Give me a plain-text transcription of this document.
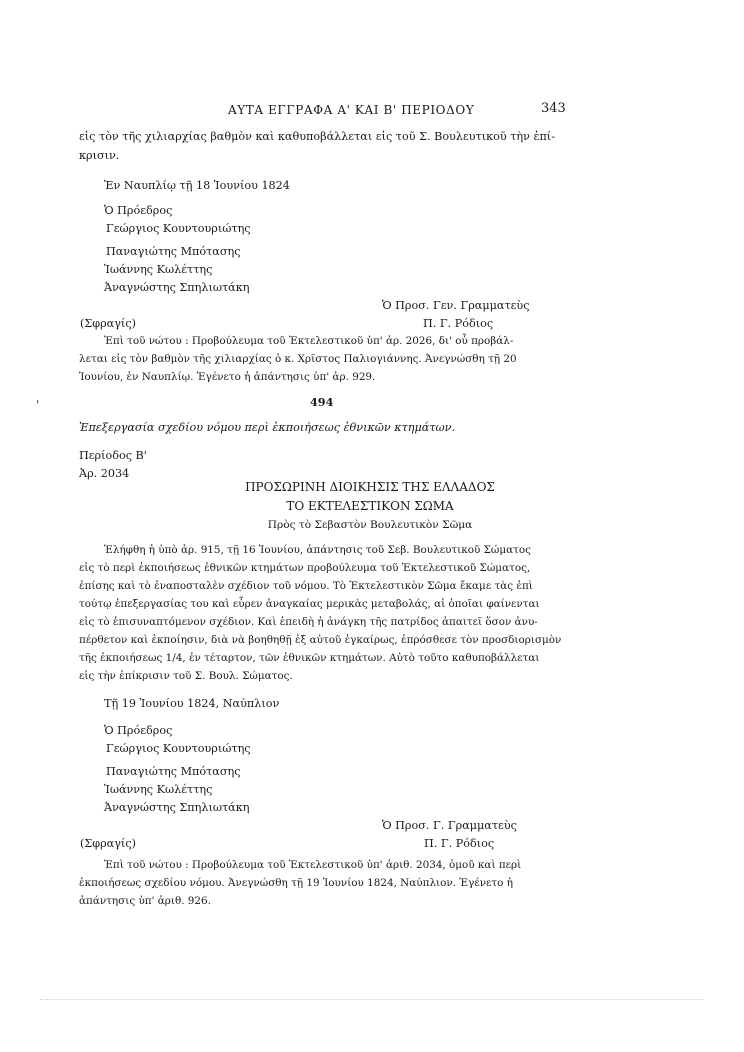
ΑΥΤΑ ΕΓΓΡΑΦΑ Α' ΚΑΙ Β' ΠΕΡΙΟΔΟΥ	343
εἰς τὸν τῆς χιλιαρχίας βαθμὸν καὶ καθυποβάλλεται εἰς τοῦ Σ. Βουλευτικοῦ τὴν ἐπί-
κρισιν.
Ἐν Ναυπλίῳ τῇ 18 Ἰουνίου 1824
Ὁ Πρόεδρος
Γεώργιος Κουντουριώτης
Παναγιώτης Μπότασης
Ἰωάννης Κωλέττης
Ἀναγνώστης Σπηλιωτάκη
Ὁ Προσ. Γεν. Γραμματεὺς
(Σφραγίς)	Π. Γ. Ρόδιος
Ἐπὶ τοῦ νώτου : Προβούλευμα τοῦ Ἐκτελεστικοῦ ὑπ' ἀρ. 2026, δι' οὗ προβάλ-
λεται εἰς τὸν βαθμὸν τῆς χιλιαρχίας ὁ κ. Χρῖστος Παλιογιάννης. Ἀνεγνώσθη τῇ 20
Ἰουνίου, ἐν Ναυπλίῳ. Ἐγένετο ἡ ἀπάντησις ὑπ' ἀρ. 929.
'	494
Ἐπεξεργασία σχεδίου νόμου περὶ ἐκποιήσεως ἐθνικῶν κτημάτων.
Περίοδος Β'
Ἀρ. 2034
ΠΡΟΣΩΡΙΝΗ ΔΙΟΙΚΗΣΙΣ ΤΗΣ ΕΛΛΑΔΟΣ
ΤΟ ΕΚΤΕΛΕΣΤΙΚΟΝ ΣΩΜΑ
Πρὸς τὸ Σεβαστὸν Βουλευτικὸν Σῶμα
Ἐλήφθη ἡ ὑπὸ ἀρ. 915, τῇ 16 Ἰουνίου, ἀπάντησις τοῦ Σεβ. Βουλευτικοῦ Σώματος
εἰς τὸ περὶ ἐκποιήσεως ἐθνικῶν κτημάτων προβούλευμα τοῦ Ἐκτελεστικοῦ Σώματος,
ἐπίσης καὶ τὸ ἐναποσταλὲν σχέδιον τοῦ νόμου. Τὸ Ἐκτελεστικὸν Σῶμα ἔκαμε τὰς ἐπὶ
τούτῳ ἐπεξεργασίας του καὶ εὗρεν ἀναγκαίας μερικὰς μεταβολάς, αἱ ὁποῖαι φαίνενται
εἰς τὸ ἐπισυναπτόμενον σχέδιον. Καὶ ἐπειδὴ ἡ ἀνάγκη τῆς πατρίδος ἀπαιτεῖ ὅσον ἀνυ-
πέρθετον καὶ ἐκποίησιν, διὰ νὰ βοηθηθῇ ἐξ αὐτοῦ ἐγκαίρως, ἐπρόσθεσε τὸν προσδιορισμὸν
τῆς ἐκποιήσεως 1/4, ἐν τέταρτον, τῶν ἐθνικῶν κτημάτων. Αὐτὸ τοῦτο καθυποβάλλεται
εἰς τὴν ἐπίκρισιν τοῦ Σ. Βουλ. Σώματος.
Τῇ 19 Ἰουνίου 1824, Ναύπλιον
Ὁ Πρόεδρος
Γεώργιος Κουντουριώτης
Παναγιώτης Μπότασης
Ἰωάννης Κωλέττης
Ἀναγνώστης Σπηλιωτάκη
Ὁ Προσ. Γ. Γραμματεὺς
(Σφραγίς)	Π. Γ. Ρόδιος
Ἐπὶ τοῦ νώτου : Προβούλευμα τοῦ Ἐκτελεστικοῦ ὑπ' ἀριθ. 2034, ὁμοῦ καὶ περὶ
ἐκποιήσεως σχεδίου νόμου. Ἀνεγνώσθη τῇ 19 Ἰουνίου 1824, Ναύπλιον. Ἐγένετο ἡ
ἀπάντησις ὑπ' ἀριθ. 926.
